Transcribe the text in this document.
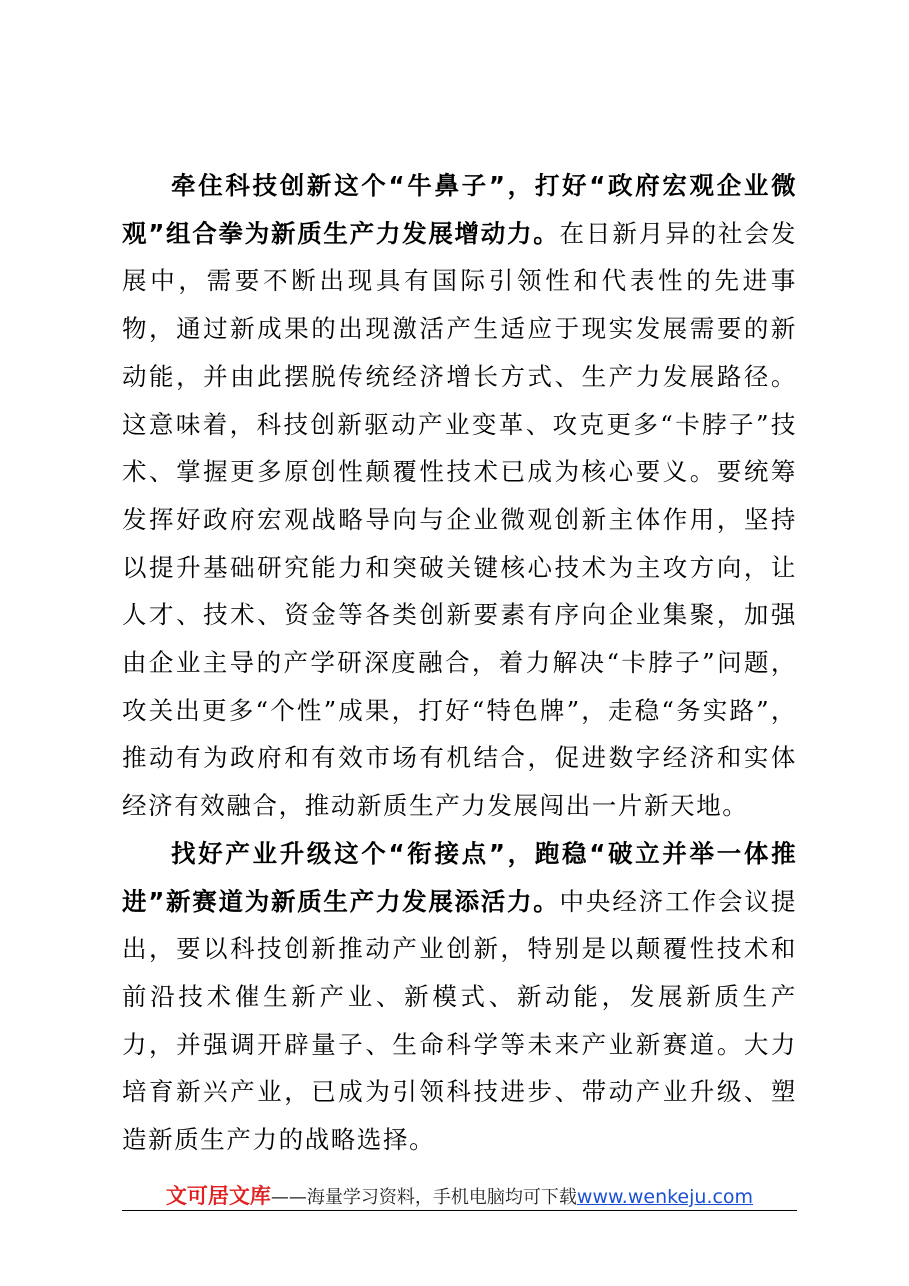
牵住科技创新这个“牛鼻子”，打好“政府宏观企业微观”组合拳为新质生产力发展增动力。在日新月异的社会发展中，需要不断出现具有国际引领性和代表性的先进事物，通过新成果的出现激活产生适应于现实发展需要的新动能，并由此摆脱传统经济增长方式、生产力发展路径。这意味着，科技创新驱动产业变革、攻克更多“卡脖子”技术、掌握更多原创性颠覆性技术已成为核心要义。要统筹发挥好政府宏观战略导向与企业微观创新主体作用，坚持以提升基础研究能力和突破关键核心技术为主攻方向，让人才、技术、资金等各类创新要素有序向企业集聚，加强由企业主导的产学研深度融合，着力解决“卡脖子”问题，攻关出更多“个性”成果，打好“特色牌”，走稳“务实路”，推动有为政府和有效市场有机结合，促进数字经济和实体经济有效融合，推动新质生产力发展闯出一片新天地。

找好产业升级这个“衔接点”，跑稳“破立并举一体推进”新赛道为新质生产力发展添活力。中央经济工作会议提出，要以科技创新推动产业创新，特别是以颠覆性技术和前沿技术催生新产业、新模式、新动能，发展新质生产力，并强调开辟量子、生命科学等未来产业新赛道。大力培育新兴产业，已成为引领科技进步、带动产业升级、塑造新质生产力的战略选择。

文可居文库——海量学习资料，手机电脑均可下载www.wenkeju.com
